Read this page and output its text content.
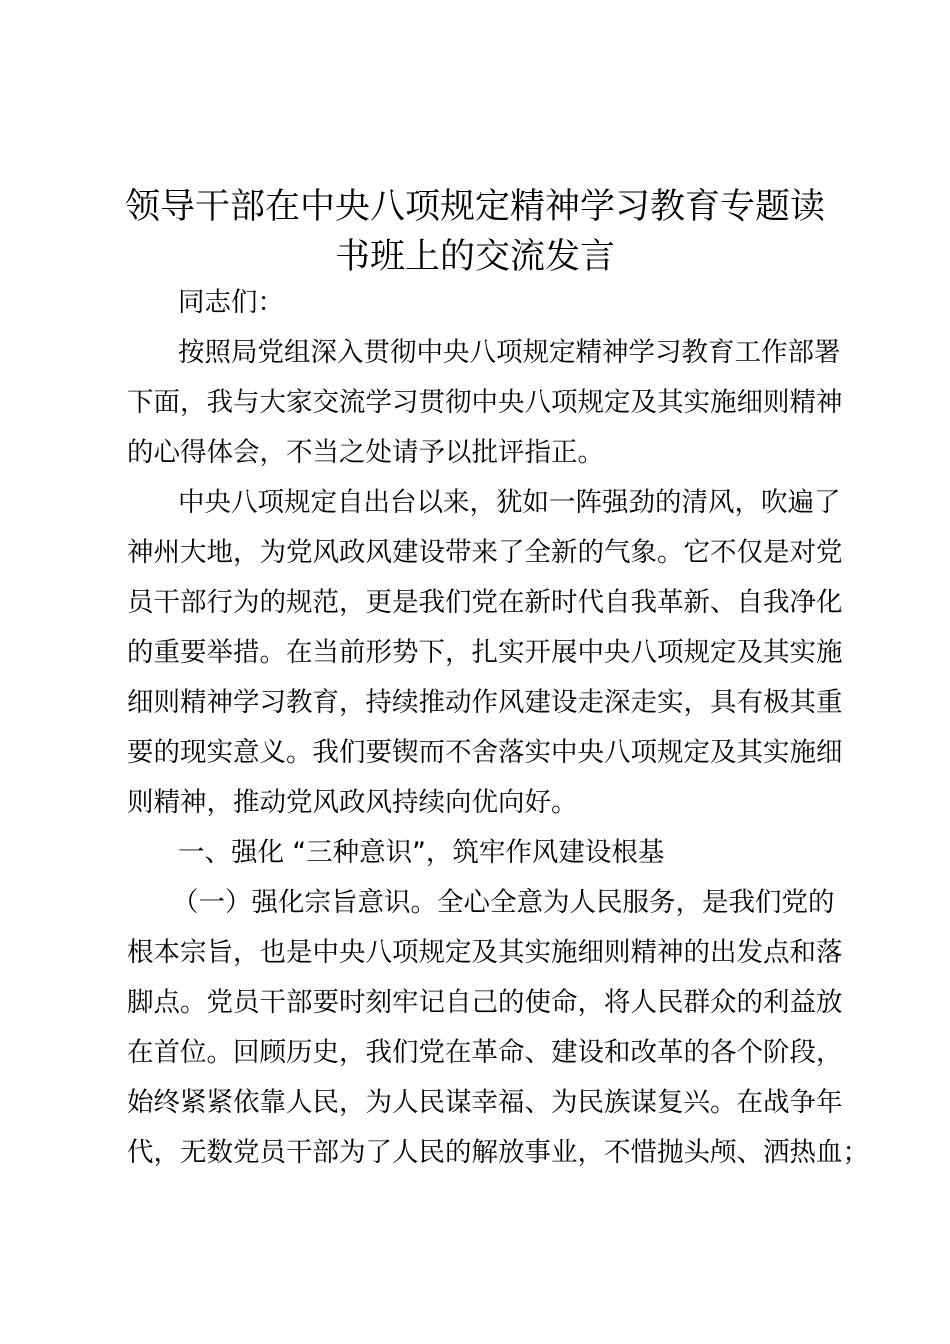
领导干部在中央八项规定精神学习教育专题读
书班上的交流发言

同志们：

按照局党组深入贯彻中央八项规定精神学习教育工作部署

下面，我与大家交流学习贯彻中央八项规定及其实施细则精神

的心得体会，不当之处请予以批评指正。

中央八项规定自出台以来，犹如一阵强劲的清风，吹遍了

神州大地，为党风政风建设带来了全新的气象。它不仅是对党

员干部行为的规范，更是我们党在新时代自我革新、自我净化

的重要举措。在当前形势下，扎实开展中央八项规定及其实施

细则精神学习教育，持续推动作风建设走深走实，具有极其重

要的现实意义。我们要锲而不舍落实中央八项规定及其实施细

则精神，推动党风政风持续向优向好。

一、强化 “三种意识”，筑牢作风建设根基

（一）强化宗旨意识。全心全意为人民服务，是我们党的

根本宗旨，也是中央八项规定及其实施细则精神的出发点和落

脚点。党员干部要时刻牢记自己的使命，将人民群众的利益放

在首位。回顾历史，我们党在革命、建设和改革的各个阶段，

始终紧紧依靠人民，为人民谋幸福、为民族谋复兴。在战争年

代，无数党员干部为了人民的解放事业，不惜抛头颅、洒热血；
